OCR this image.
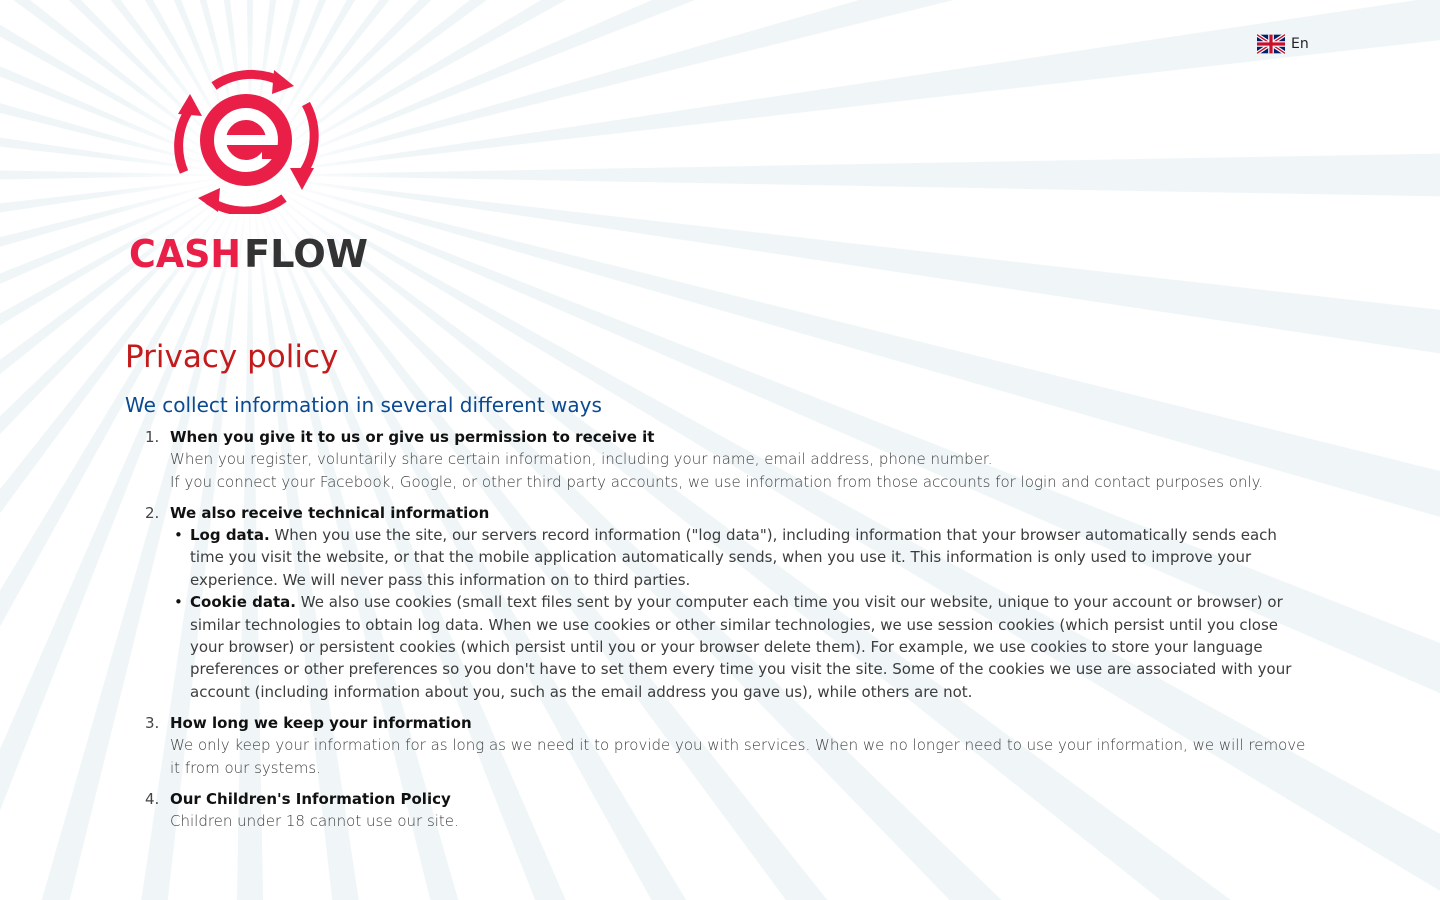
En
CASH FLOW
Privacy policy
We collect information in several different ways
1. When you give it to us or give us permission to receive it
When you register, voluntarily share certain information, including your name, email address, phone number.
If you connect your Facebook, Google, or other third party accounts, we use information from those accounts for login and contact purposes only.
2. We also receive technical information
• Log data. When you use the site, our servers record information ("log data"), including information that your browser automatically sends each time you visit the website, or that the mobile application automatically sends, when you use it. This information is only used to improve your experience. We will never pass this information on to third parties.
• Cookie data. We also use cookies (small text files sent by your computer each time you visit our website, unique to your account or browser) or similar technologies to obtain log data. When we use cookies or other similar technologies, we use session cookies (which persist until you close your browser) or persistent cookies (which persist until you or your browser delete them). For example, we use cookies to store your language preferences or other preferences so you don't have to set them every time you visit the site. Some of the cookies we use are associated with your account (including information about you, such as the email address you gave us), while others are not.
3. How long we keep your information
We only keep your information for as long as we need it to provide you with services. When we no longer need to use your information, we will remove it from our systems.
4. Our Children's Information Policy
Children under 18 cannot use our site.
